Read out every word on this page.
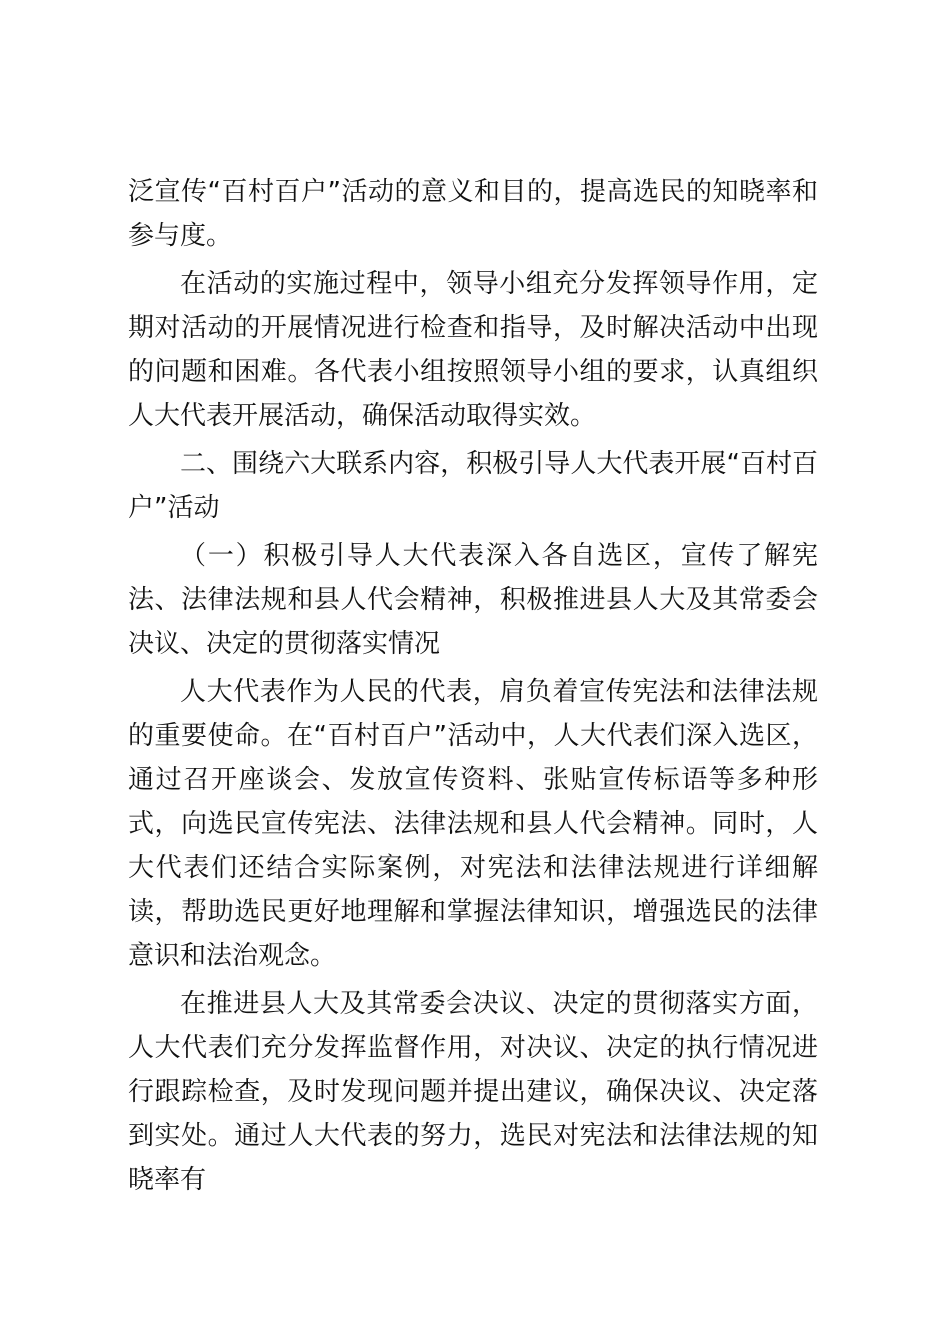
泛宣传“百村百户”活动的意义和目的，提高选民的知晓率和参与度。

在活动的实施过程中，领导小组充分发挥领导作用，定期对活动的开展情况进行检查和指导，及时解决活动中出现的问题和困难。各代表小组按照领导小组的要求，认真组织人大代表开展活动，确保活动取得实效。

二、围绕六大联系内容，积极引导人大代表开展“百村百户”活动

（一）积极引导人大代表深入各自选区，宣传了解宪法、法律法规和县人代会精神，积极推进县人大及其常委会决议、决定的贯彻落实情况

人大代表作为人民的代表，肩负着宣传宪法和法律法规的重要使命。在“百村百户”活动中，人大代表们深入选区，通过召开座谈会、发放宣传资料、张贴宣传标语等多种形式，向选民宣传宪法、法律法规和县人代会精神。同时，人大代表们还结合实际案例，对宪法和法律法规进行详细解读，帮助选民更好地理解和掌握法律知识，增强选民的法律意识和法治观念。

在推进县人大及其常委会决议、决定的贯彻落实方面，人大代表们充分发挥监督作用，对决议、决定的执行情况进行跟踪检查，及时发现问题并提出建议，确保决议、决定落到实处。通过人大代表的努力，选民对宪法和法律法规的知晓率有
